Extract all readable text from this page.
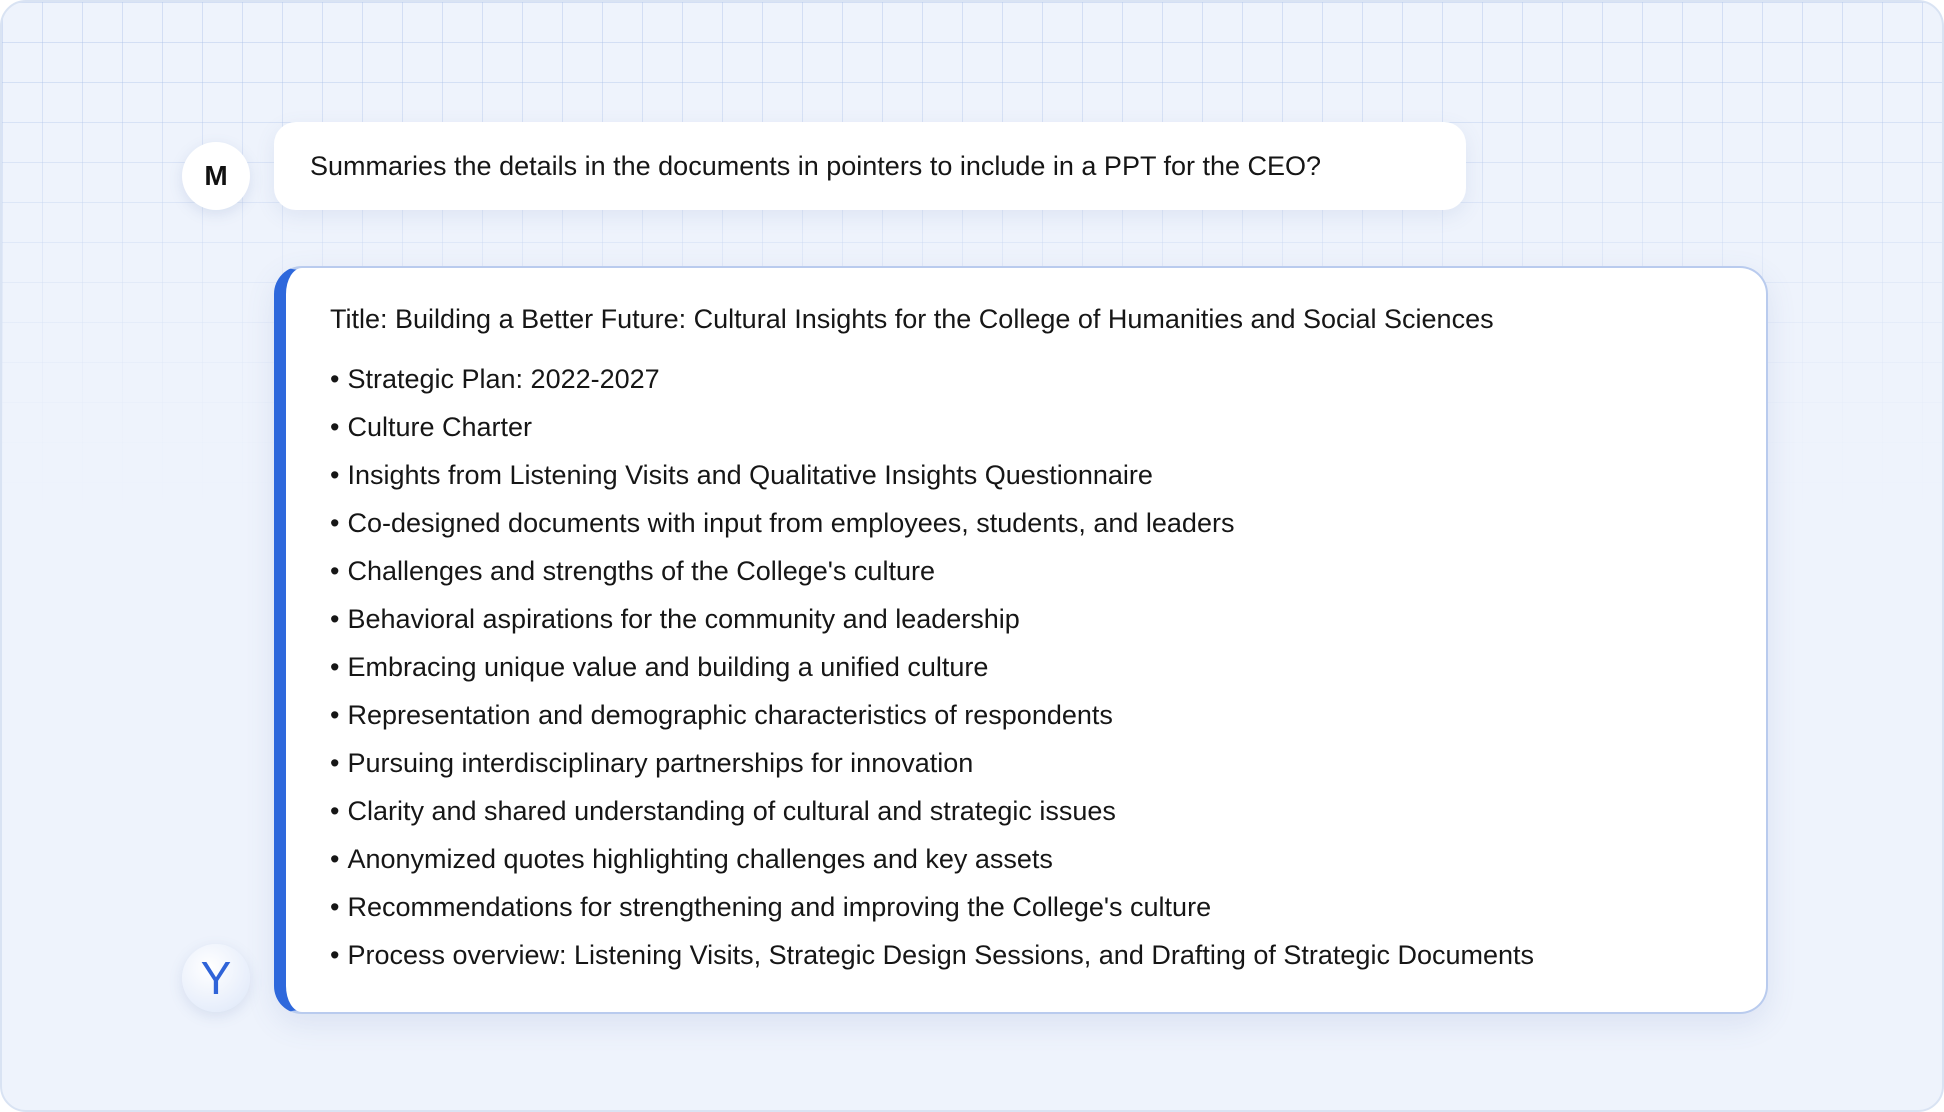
M	Summaries the details in the documents in pointers to include in a PPT for the CEO?
Title: Building a Better Future: Cultural Insights for the College of Humanities and Social Sciences
• Strategic Plan: 2022-2027
• Culture Charter
• Insights from Listening Visits and Qualitative Insights Questionnaire
• Co-designed documents with input from employees, students, and leaders
• Challenges and strengths of the College's culture
• Behavioral aspirations for the community and leadership
• Embracing unique value and building a unified culture
• Representation and demographic characteristics of respondents
• Pursuing interdisciplinary partnerships for innovation
• Clarity and shared understanding of cultural and strategic issues
• Anonymized quotes highlighting challenges and key assets
• Recommendations for strengthening and improving the College's culture
• Process overview: Listening Visits, Strategic Design Sessions, and Drafting of Strategic Documents
Y
